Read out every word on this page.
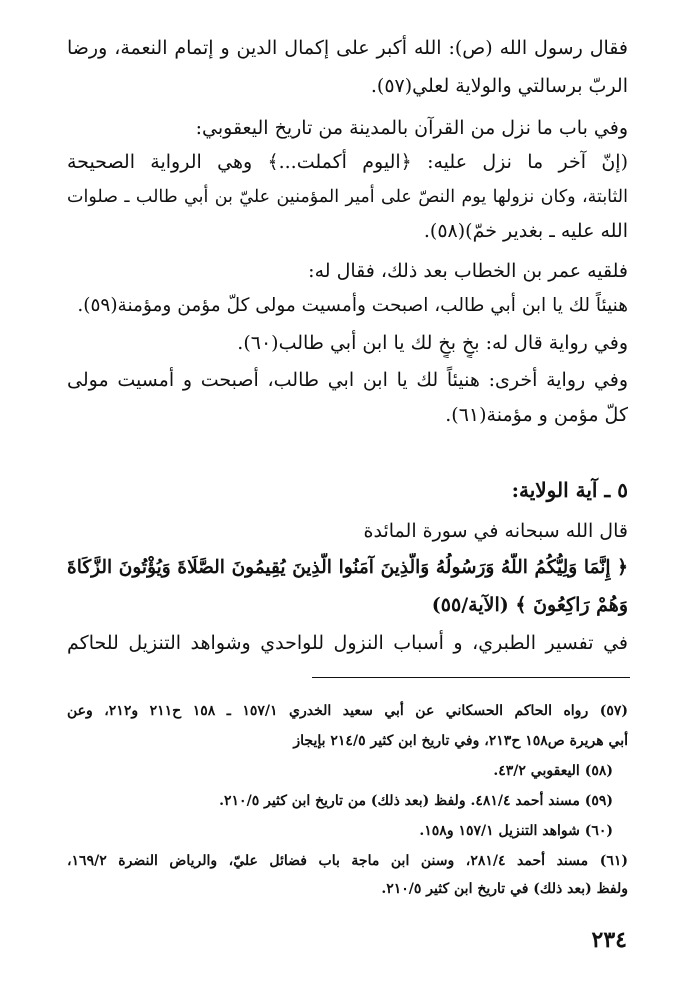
فقال رسول الله (ص): الله أكبر على إكمال الدين و إتمام النعمة، ورضا
الربّ برسالتي والولاية لعلي(٥٧).
وفي باب ما نزل من القرآن بالمدينة من تاريخ اليعقوبي:
(إنّ آخر ما نزل عليه: ﴿اليوم أكملت...﴾ وهي الرواية الصحيحة
الثابتة، وكان نزولها يوم النصّ على أمير المؤمنين عليّ بن أبي طالب ـ صلوات
الله عليه ـ بغدير خمّ)(٥٨).
فلقيه عمر بن الخطاب بعد ذلك، فقال له:
هنيئاً لك يا ابن أبي طالب، اصبحت وأمسيت مولى كلّ مؤمن ومؤمنة(٥٩).
وفي رواية قال له: بخٍ بخٍ لك يا ابن أبي طالب(٦٠).
وفي رواية أخرى: هنيئاً لك يا ابن ابي طالب، أصبحت و أمسيت مولى
كلّ مؤمن و مؤمنة(٦١).
٥ ـ آية الولاية:
قال الله سبحانه في سورة المائدة
﴿ إِنَّمَا وَلِيُّكُمُ اللَّهُ وَرَسُولُهُ وَالَّذِينَ آمَنُوا الَّذِينَ يُقِيمُونَ الصَّلَاةَ وَيُؤْتُونَ الزَّكَاةَ
وَهُمْ رَاكِعُونَ ﴾ (الآية/٥٥)
في تفسير الطبري، و أسباب النزول للواحدي وشواهد التنزيل للحاكم
(٥٧) رواه الحاكم الحسكاني عن أبي سعيد الخدري ١٥٧/١ ـ ١٥٨ ح٢١١ و٢١٢، وعن
أبي هريرة ص١٥٨ ح٢١٣، وفي تاريخ ابن كثير ٢١٤/٥ بإيجاز
(٥٨) اليعقوبي ٤٣/٢.
(٥٩) مسند أحمد ٤٨١/٤. ولفظ (بعد ذلك) من تاريخ ابن كثير ٢١٠/٥.
(٦٠) شواهد التنزيل ١٥٧/١ و١٥٨.
(٦١) مسند أحمد ٢٨١/٤، وسنن ابن ماجة باب فضائل عليّ، والرياض النضرة ١٦٩/٢،
ولفظ (بعد ذلك) في تاريخ ابن كثير ٢١٠/٥.
٢٣٤
